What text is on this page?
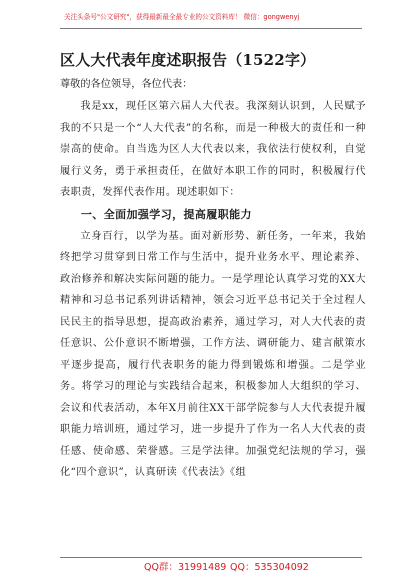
关注头条号"公文研究"，获得最新最全最专业的公文资料库！ 微信：gongwenyj
区人大代表年度述职报告（1522字）
尊敬的各位领导，各位代表：

我是xx，现任区第六届人大代表。我深刻认识到，人民赋予我的不只是一个“人大代表”的名称，而是一种极大的责任和一种崇高的使命。自当选为区人大代表以来，我依法行使权利，自觉履行义务，勇于承担责任，在做好本职工作的同时，积极履行代表职责，发挥代表作用。现述职如下：

一、全面加强学习，提高履职能力

立身百行，以学为基。面对新形势、新任务，一年来，我始终把学习贯穿到日常工作与生活中，提升业务水平、理论素养、政治修养和解决实际问题的能力。一是学理论认真学习党的XX大精神和习总书记系列讲话精神，领会习近平总书记关于全过程人民民主的指导思想，提高政治素养，通过学习，对人大代表的责任意识、公仆意识不断增强，工作方法、调研能力、建言献策水平逐步提高，履行代表职务的能力得到锻炼和增强。二是学业务。将学习的理论与实践结合起来，积极参加人大组织的学习、会议和代表活动，本年X月前往XX干部学院参与人大代表提升履职能力培训班，通过学习，进一步提升了作为一名人大代表的责任感、使命感、荣誉感。三是学法律。加强党纪法规的学习，强化“四个意识”，认真研读《代表法》《组

QQ群：31991489 QQ：535304092
